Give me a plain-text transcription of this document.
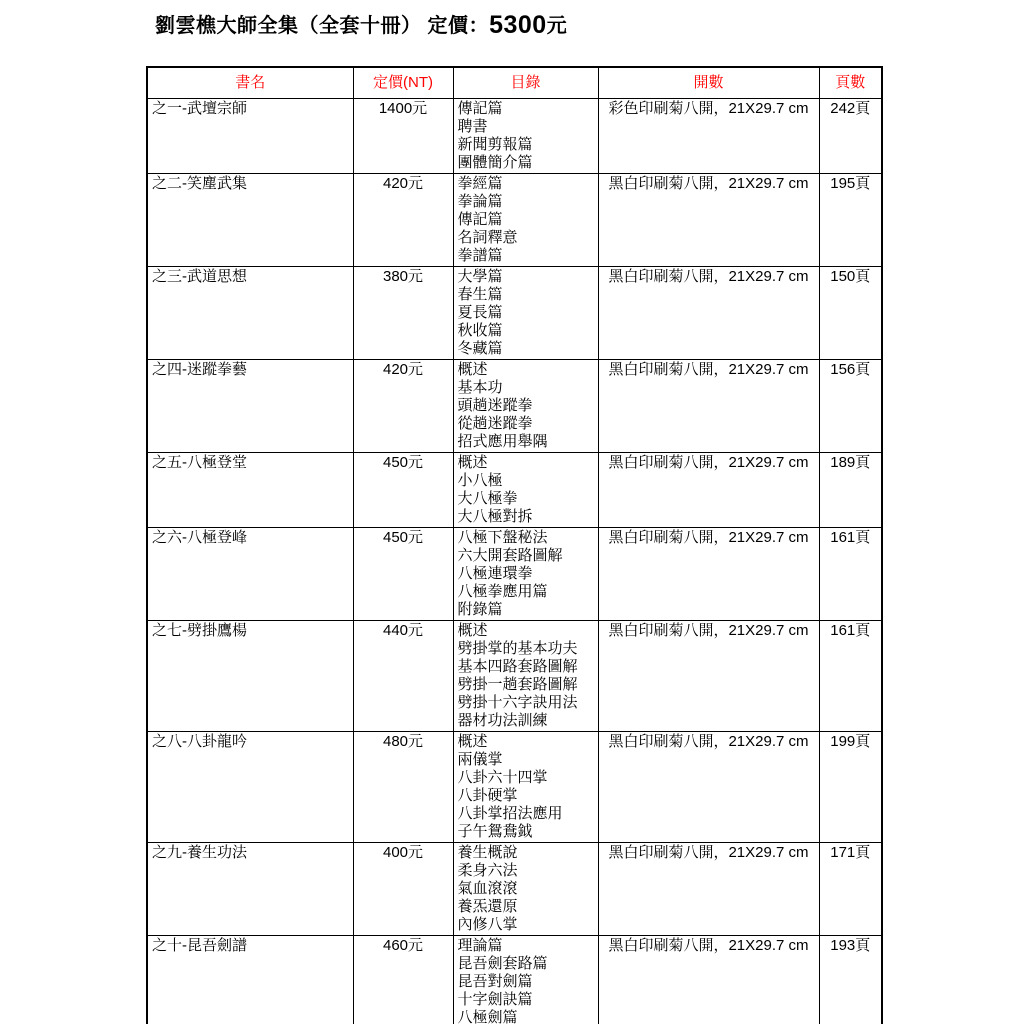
劉雲樵大師全集（全套十冊） 定價：5300元
書名	定價(NT)	目錄	開數	頁數
之一-武壇宗師	1400元	傳記篇
聘書
新聞剪報篇
團體簡介篇	彩色印刷菊八開，21X29.7 cm	242頁
之二-笑塵武集	420元	拳經篇
拳論篇
傳記篇
名詞釋意
拳譜篇	黑白印刷菊八開，21X29.7 cm	195頁
之三-武道思想	380元	大學篇
春生篇
夏長篇
秋收篇
冬藏篇	黑白印刷菊八開，21X29.7 cm	150頁
之四-迷蹤拳藝	420元	概述
基本功
頭趟迷蹤拳
從趟迷蹤拳
招式應用舉隅	黑白印刷菊八開，21X29.7 cm	156頁
之五-八極登堂	450元	概述
小八極
大八極拳
大八極對拆	黑白印刷菊八開，21X29.7 cm	189頁
之六-八極登峰	450元	八極下盤秘法
六大開套路圖解
八極連環拳
八極拳應用篇
附錄篇	黑白印刷菊八開，21X29.7 cm	161頁
之七-劈掛鷹楊	440元	概述
劈掛掌的基本功夫
基本四路套路圖解
劈掛一趟套路圖解
劈掛十六字訣用法
器材功法訓練
	黑白印刷菊八開，21X29.7 cm	161頁
之八-八卦龍吟	480元	概述
兩儀掌
八卦六十四掌
八卦硬掌
八卦掌招法應用
子午鴛鴦鉞
	黑白印刷菊八開，21X29.7 cm	199頁
之九-養生功法	400元	養生概說
柔身六法
氣血滾滾
養炁還原
內修八掌	黑白印刷菊八開，21X29.7 cm	171頁
之十-昆吾劍譜	460元	理論篇
昆吾劍套路篇
昆吾對劍篇
十字劍訣篇
八極劍篇	黑白印刷菊八開，21X29.7 cm	193頁
